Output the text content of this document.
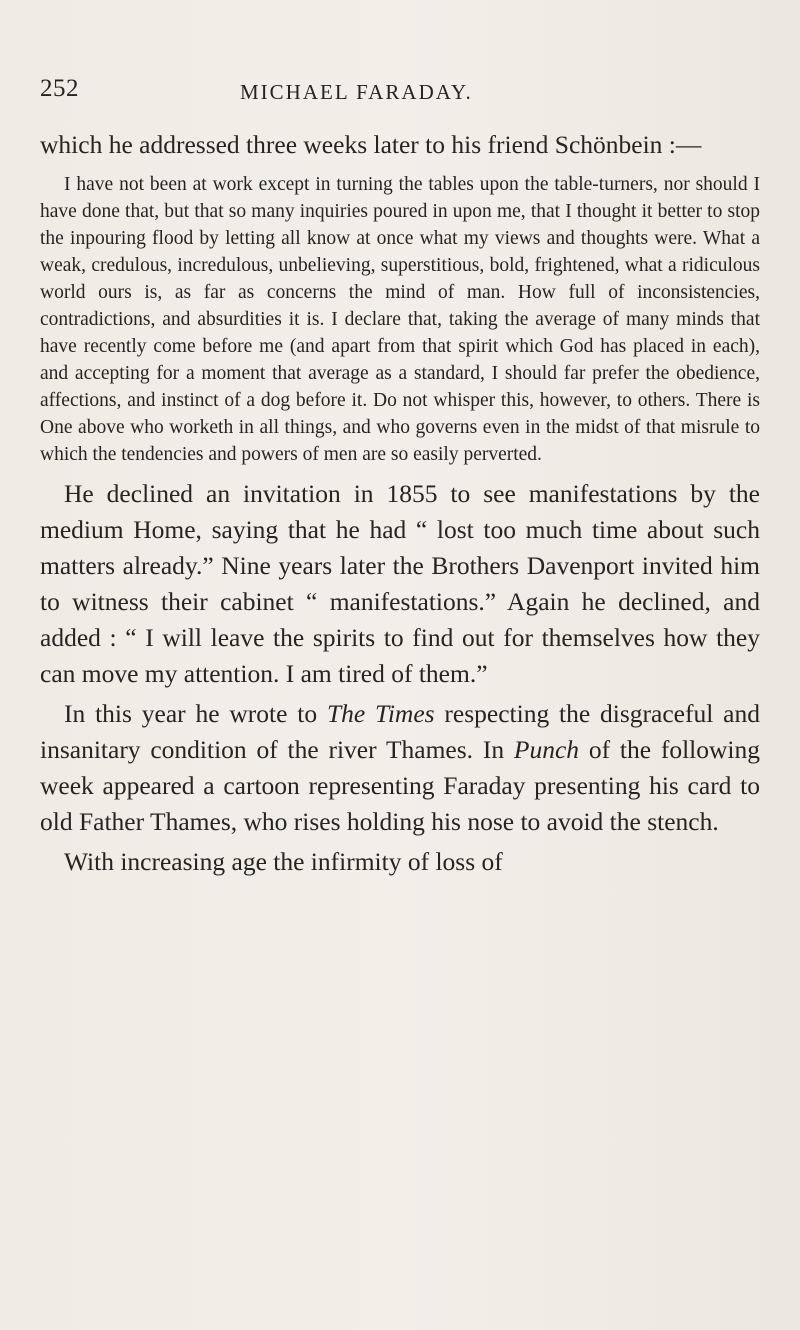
252	MICHAEL FARADAY.

which he addressed three weeks later to his friend Schönbein :—

I have not been at work except in turning the tables upon the table-turners, nor should I have done that, but that so many inquiries poured in upon me, that I thought it better to stop the inpouring flood by letting all know at once what my views and thoughts were. What a weak, credulous, incredulous, unbelieving, superstitious, bold, frightened, what a ridiculous world ours is, as far as concerns the mind of man. How full of inconsistencies, contradictions, and absurdities it is. I declare that, taking the average of many minds that have recently come before me (and apart from that spirit which God has placed in each), and accepting for a moment that average as a standard, I should far prefer the obedience, affections, and instinct of a dog before it. Do not whisper this, however, to others. There is One above who worketh in all things, and who governs even in the midst of that misrule to which the tendencies and powers of men are so easily perverted.

He declined an invitation in 1855 to see manifestations by the medium Home, saying that he had “ lost too much time about such matters already.” Nine years later the Brothers Davenport invited him to witness their cabinet “ manifestations.” Again he declined, and added : “ I will leave the spirits to find out for themselves how they can move my attention. I am tired of them.”

In this year he wrote to The Times respecting the disgraceful and insanitary condition of the river Thames. In Punch of the following week appeared a cartoon representing Faraday presenting his card to old Father Thames, who rises holding his nose to avoid the stench.

With increasing age the infirmity of loss of
